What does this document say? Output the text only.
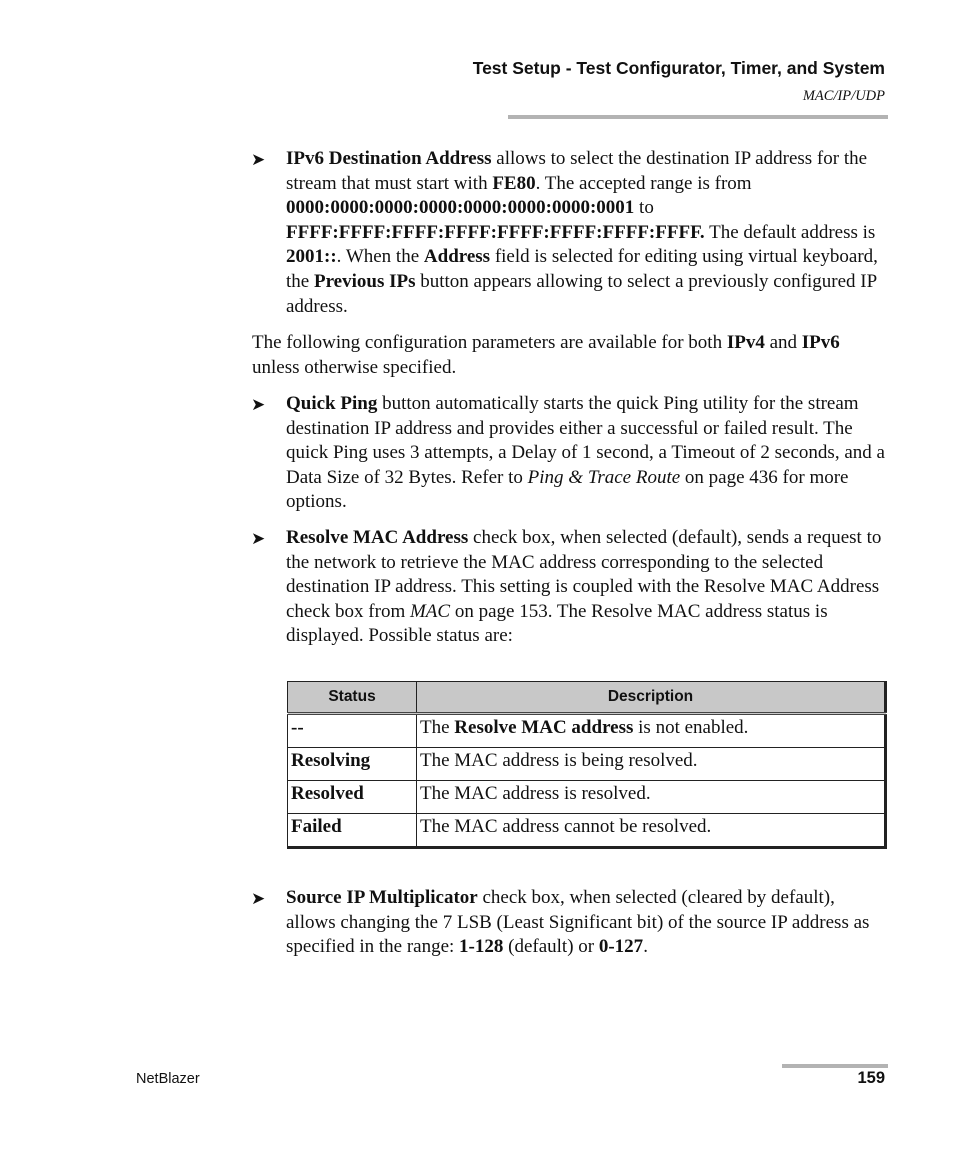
Test Setup - Test Configurator, Timer, and System
MAC/IP/UDP
➤ IPv6 Destination Address allows to select the destination IP address for the stream that must start with FE80. The accepted range is from 0000:0000:0000:0000:0000:0000:0000:0001 to FFFF:FFFF:FFFF:FFFF:FFFF:FFFF:FFFF:FFFF. The default address is 2001::. When the Address field is selected for editing using virtual keyboard, the Previous IPs button appears allowing to select a previously configured IP address.

The following configuration parameters are available for both IPv4 and IPv6 unless otherwise specified.

➤ Quick Ping button automatically starts the quick Ping utility for the stream destination IP address and provides either a successful or failed result. The quick Ping uses 3 attempts, a Delay of 1 second, a Timeout of 2 seconds, and a Data Size of 32 Bytes. Refer to Ping & Trace Route on page 436 for more options.

➤ Resolve MAC Address check box, when selected (default), sends a request to the network to retrieve the MAC address corresponding to the selected destination IP address. This setting is coupled with the Resolve MAC Address check box from MAC on page 153. The Resolve MAC address status is displayed. Possible status are:

Status	Description
--	The Resolve MAC address is not enabled.
Resolving	The MAC address is being resolved.
Resolved	The MAC address is resolved.
Failed	The MAC address cannot be resolved.
➤ Source IP Multiplicator check box, when selected (cleared by default), allows changing the 7 LSB (Least Significant bit) of the source IP address as specified in the range: 1-128 (default) or 0-127.

NetBlazer	159
